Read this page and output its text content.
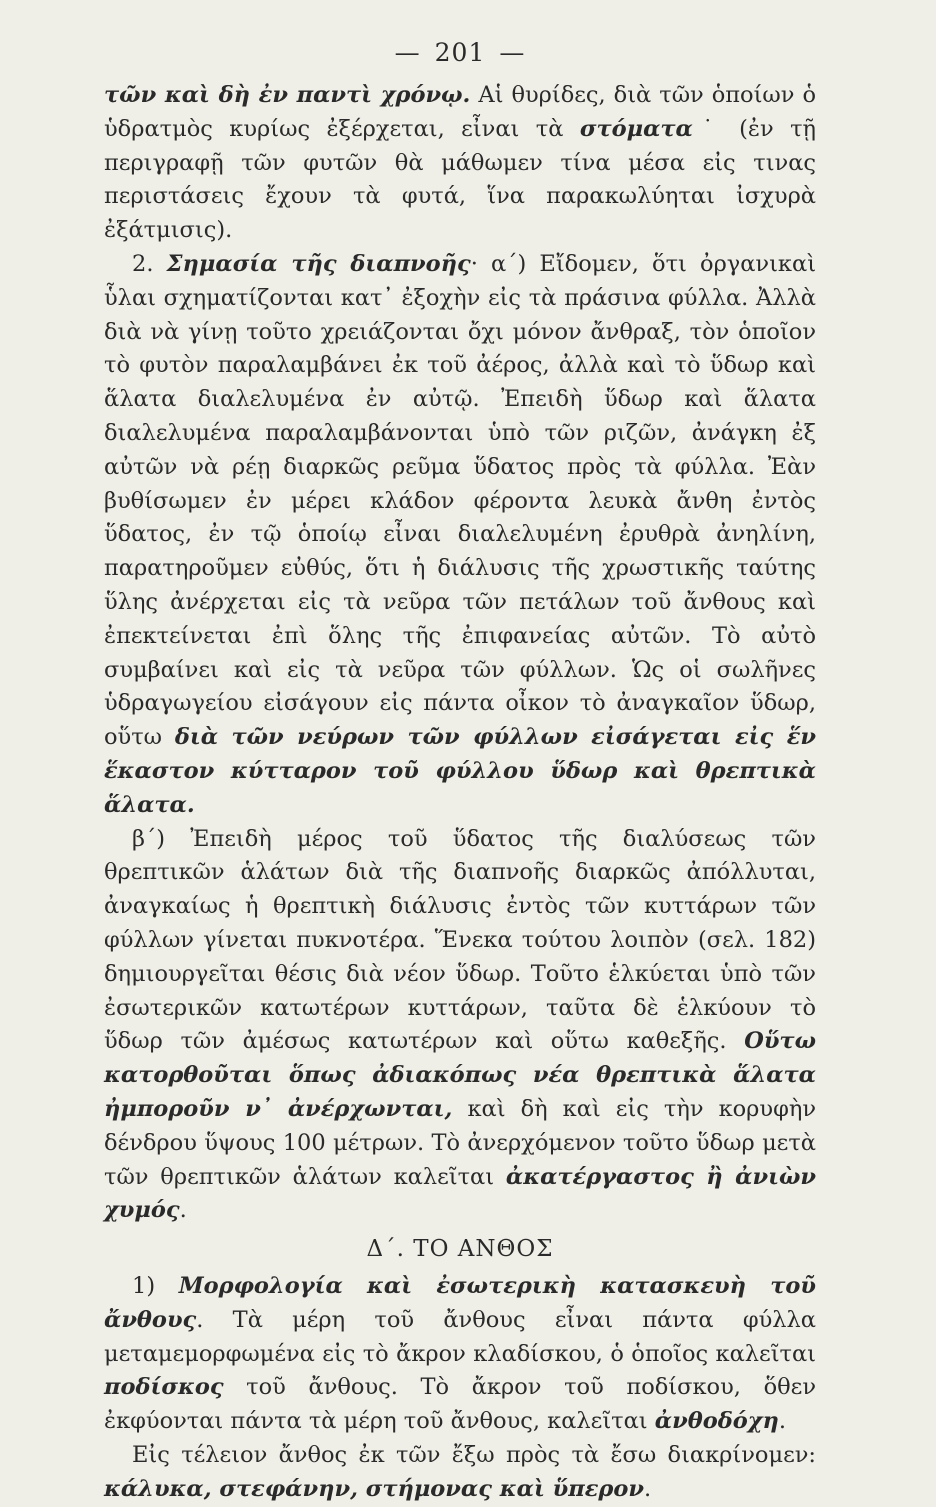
— 201 —

τῶν καὶ δὴ ἐν παντὶ χρόνῳ. Αἱ θυρίδες, διὰ τῶν ὁποίων ὁ ὑδρατμὸς κυρίως ἐξέρχεται, εἶναι τὰ στόματα˙ (ἐν τῇ περιγραφῇ τῶν φυτῶν θὰ μάθωμεν τίνα μέσα εἰς τινας περιστάσεις ἔχουν τὰ φυτά, ἵνα παρακωλύηται ἰσχυρὰ ἐξάτμισις).

2. Σημασία τῆς διαπνοῆς· α΄) Εἴδομεν, ὅτι ὀργανικαὶ ὗλαι σχηματίζονται κατ᾿ ἐξοχὴν εἰς τὰ πράσινα φύλλα. Ἀλλὰ διὰ νὰ γίνῃ τοῦτο χρειάζονται ὄχι μόνον ἄνθραξ, τὸν ὁποῖον τὸ φυτὸν παραλαμβάνει ἐκ τοῦ ἀέρος, ἀλλὰ καὶ τὸ ὕδωρ καὶ ἅλατα διαλελυμένα ἐν αὐτῷ. Ἐπειδὴ ὕδωρ καὶ ἅλατα διαλελυμένα παραλαμβάνονται ὑπὸ τῶν ριζῶν, ἀνάγκη ἐξ αὐτῶν νὰ ρέῃ διαρκῶς ρεῦμα ὕδατος πρὸς τὰ φύλλα. Ἐὰν βυθίσωμεν ἐν μέρει κλάδον φέροντα λευκὰ ἄνθη ἐντὸς ὕδατος, ἐν τῷ ὁποίῳ εἶναι διαλελυμένη ἐρυθρὰ ἀνηλίνη, παρατηροῦμεν εὐθύς, ὅτι ἡ διάλυσις τῆς χρωστικῆς ταύτης ὕλης ἀνέρχεται εἰς τὰ νεῦρα τῶν πετάλων τοῦ ἄνθους καὶ ἐπεκτείνεται ἐπὶ ὅλης τῆς ἐπιφανείας αὐτῶν. Τὸ αὐτὸ συμβαίνει καὶ εἰς τὰ νεῦρα τῶν φύλλων. Ὡς οἱ σωλῆνες ὑδραγωγείου εἰσάγουν εἰς πάντα οἶκον τὸ ἀναγκαῖον ὕδωρ, οὕτω διὰ τῶν νεύρων τῶν φύλλων εἰσάγεται εἰς ἕν ἕκαστον κύτταρον τοῦ φύλλου ὕδωρ καὶ θρεπτικὰ ἅλατα.

β΄) Ἐπειδὴ μέρος τοῦ ὕδατος τῆς διαλύσεως τῶν θρεπτικῶν ἁλάτων διὰ τῆς διαπνοῆς διαρκῶς ἀπόλλυται, ἀναγκαίως ἡ θρεπτικὴ διάλυσις ἐντὸς τῶν κυττάρων τῶν φύλλων γίνεται πυκνοτέρα. Ἕνεκα τούτου λοιπὸν (σελ. 182) δημιουργεῖται θέσις διὰ νέον ὕδωρ. Τοῦτο ἑλκύεται ὑπὸ τῶν ἐσωτερικῶν κατωτέρων κυττάρων, ταῦτα δὲ ἑλκύουν τὸ ὕδωρ τῶν ἀμέσως κατωτέρων καὶ οὕτω καθεξῆς. Οὕτω κατορθοῦται ὅπως ἀδιακόπως νέα θρεπτικὰ ἅλατα ἠμποροῦν ν᾿ ἀνέρχωνται, καὶ δὴ καὶ εἰς τὴν κορυφὴν δένδρου ὕψους 100 μέτρων. Τὸ ἀνερχόμενον τοῦτο ὕδωρ μετὰ τῶν θρεπτικῶν ἁλάτων καλεῖται ἀκατέργαστος ἢ ἀνιὼν χυμός.

Δ΄. ΤΟ ΑΝΘΟΣ

1) Μορφολογία καὶ ἐσωτερικὴ κατασκευὴ τοῦ ἄνθους. Τὰ μέρη τοῦ ἄνθους εἶναι πάντα φύλλα μεταμεμορφωμένα εἰς τὸ ἄκρον κλαδίσκου, ὁ ὁποῖος καλεῖται ποδίσκος τοῦ ἄνθους. Τὸ ἄκρον τοῦ ποδίσκου, ὅθεν ἐκφύονται πάντα τὰ μέρη τοῦ ἄνθους, καλεῖται ἀνθοδόχη.

Εἰς τέλειον ἄνθος ἐκ τῶν ἔξω πρὸς τὰ ἔσω διακρίνομεν: κάλυκα, στεφάνην, στήμονας καὶ ὕπερον.
